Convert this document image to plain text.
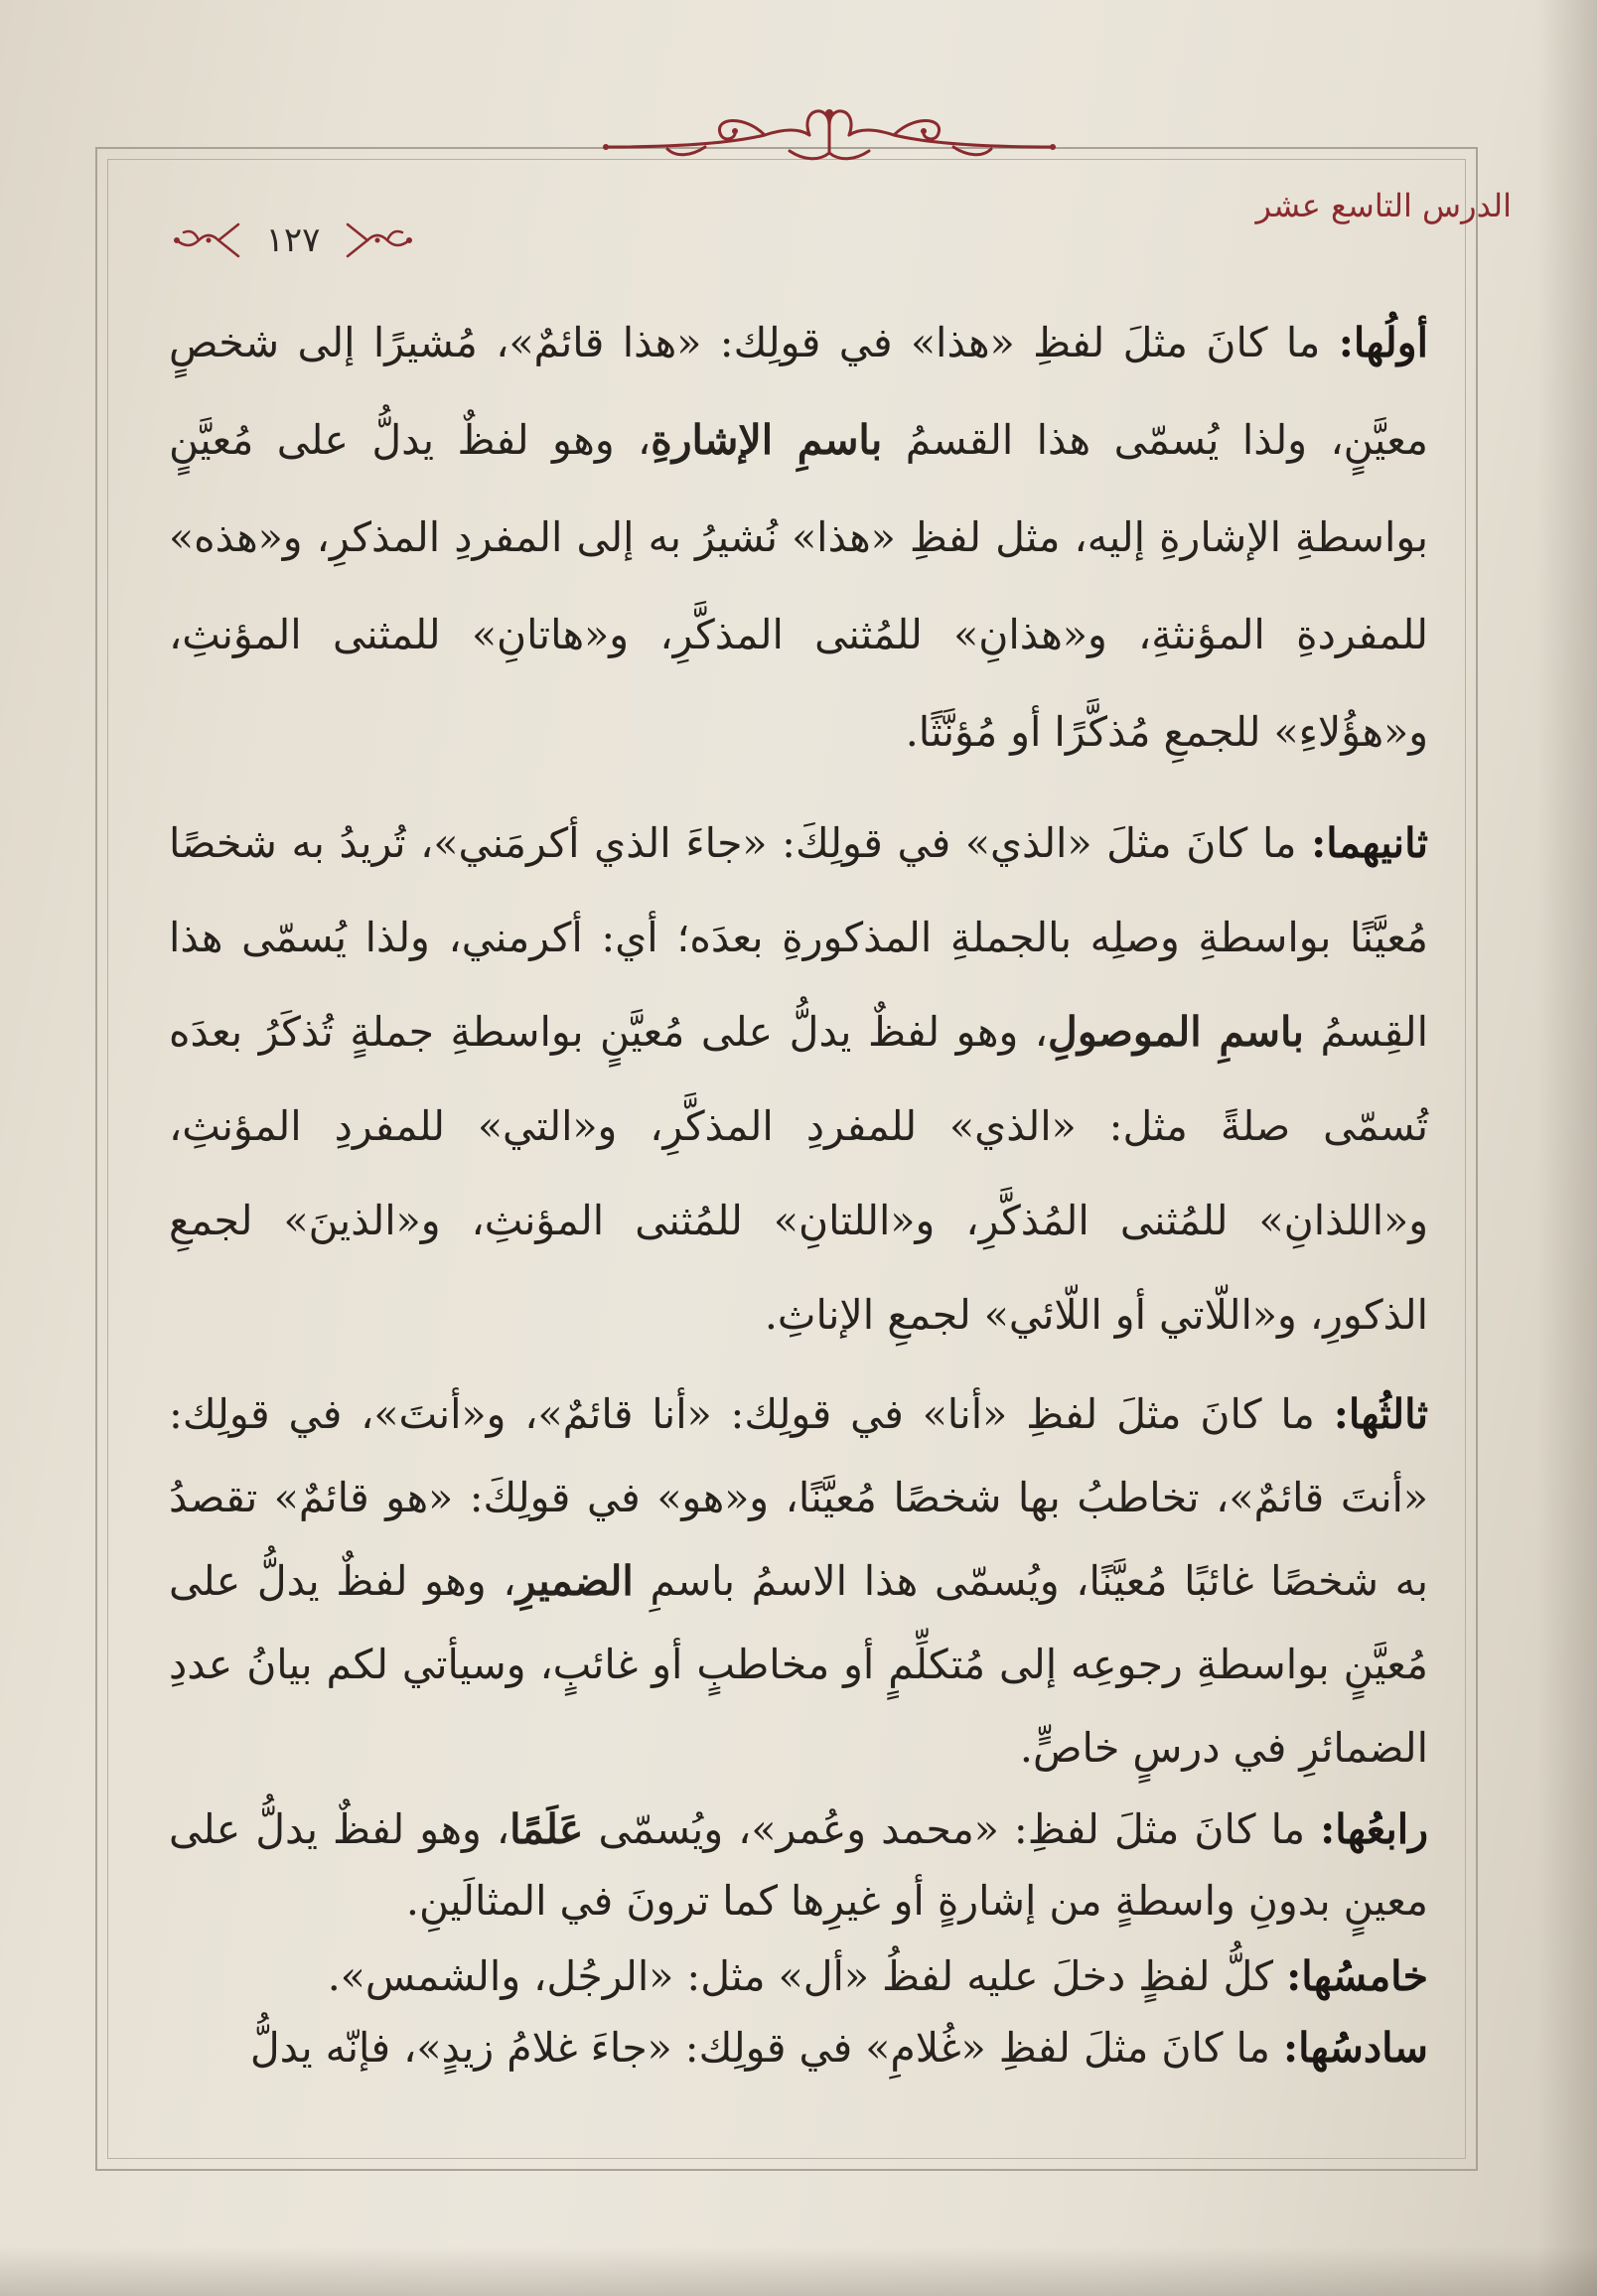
الدرس التاسع عشر
١٢٧

أولُها: ما كانَ مثلَ لفظِ «هذا» في قولِك: «هذا قائمٌ»، مُشيرًا إلى شخصٍ معيَّنٍ، ولذا يُسمّى هذا القسمُ باسمِ الإشارةِ، وهو لفظٌ يدلُّ على مُعيَّنٍ بواسطةِ الإشارةِ إليه، مثل لفظِ «هذا» نُشيرُ به إلى المفردِ المذكرِ، و«هذه» للمفردةِ المؤنثةِ، و«هذانِ» للمُثنى المذكَّرِ، و«هاتانِ» للمثنى المؤنثِ، و«هؤُلاءِ» للجمعِ مُذكَّرًا أو مُؤنَّثًا.

ثانيهما: ما كانَ مثلَ «الذي» في قولِكَ: «جاءَ الذي أكرمَني»، تُريدُ به شخصًا مُعيَّنًا بواسطةِ وصلِه بالجملةِ المذكورةِ بعدَه؛ أي: أكرمني، ولذا يُسمّى هذا القِسمُ باسمِ الموصولِ، وهو لفظٌ يدلُّ على مُعيَّنٍ بواسطةِ جملةٍ تُذكَرُ بعدَه تُسمّى صلةً مثل: «الذي» للمفردِ المذكَّرِ، و«التي» للمفردِ المؤنثِ، و«اللذانِ» للمُثنى المُذكَّرِ، و«اللتانِ» للمُثنى المؤنثِ، و«الذينَ» لجمعِ الذكورِ، و«اللّاتي أو اللّائي» لجمعِ الإناثِ.

ثالثُها: ما كانَ مثلَ لفظِ «أنا» في قولِك: «أنا قائمٌ»، و«أنتَ»، في قولِك: «أنتَ قائمٌ»، تخاطبُ بها شخصًا مُعيَّنًا، و«هو» في قولِكَ: «هو قائمٌ» تقصدُ به شخصًا غائبًا مُعيَّنًا، ويُسمّى هذا الاسمُ باسمِ الضميرِ، وهو لفظٌ يدلُّ على مُعيَّنٍ بواسطةِ رجوعِه إلى مُتكلِّمٍ أو مخاطبٍ أو غائبٍ، وسيأتي لكم بيانُ عددِ الضمائرِ في درسٍ خاصٍّ.

رابعُها: ما كانَ مثلَ لفظِ: «محمد وعُمر»، ويُسمّى عَلَمًا، وهو لفظٌ يدلُّ على معينٍ بدونِ واسطةٍ من إشارةٍ أو غيرِها كما ترونَ في المثالَينِ.

خامسُها: كلُّ لفظٍ دخلَ عليه لفظُ «أل» مثل: «الرجُل، والشمس».

سادسُها: ما كانَ مثلَ لفظِ «غُلامِ» في قولِك: «جاءَ غلامُ زيدٍ»، فإنّه يدلُّ
